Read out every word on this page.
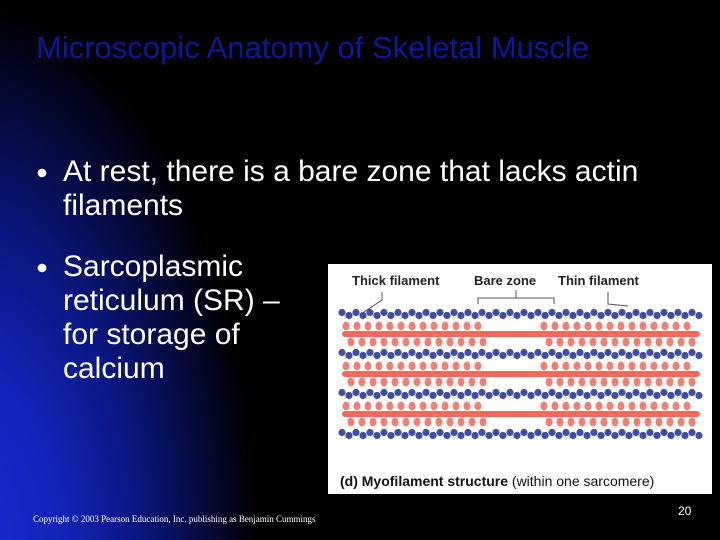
Microscopic Anatomy of Skeletal Muscle
⦁ At rest, there is a bare zone that lacks actin filaments
⦁ Sarcoplasmic reticulum (SR) – for storage of calcium
Thick filament	Bare zone Thin filament
(d) Myofilament structure (within one sarcomere)
Copyright © 2003 Pearson Education, Inc. publishing as Benjamin Cummings
20
